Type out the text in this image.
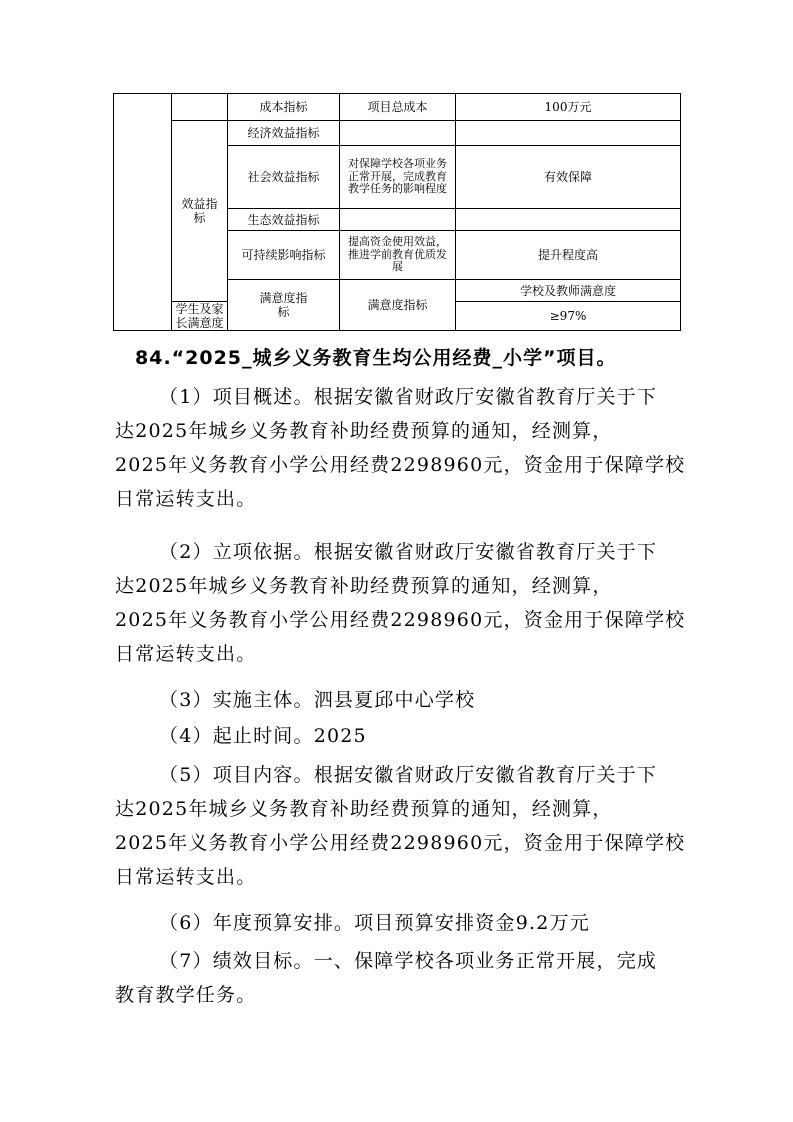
		成本指标	项目总成本	100万元	
	效益指标	经济效益指标			
		社会效益指标	对保障学校各项业务正常开展，完成教育教学任务的影响程度	有效保障	
		生态效益指标			
		可持续影响指标	提高资金使用效益，推进学前教育优质发展	提升程度高	
		满意度指标	满意度指标	学校及教师满意度	
	学生及家长满意度			≥97%	
84.“2025_城乡义务教育生均公用经费_小学”项目。
（1）项目概述。根据安徽省财政厅安徽省教育厅关于下
达2025年城乡义务教育补助经费预算的通知，经测算，
2025年义务教育小学公用经费2298960元，资金用于保障学校
日常运转支出。
（2）立项依据。根据安徽省财政厅安徽省教育厅关于下
达2025年城乡义务教育补助经费预算的通知，经测算，
2025年义务教育小学公用经费2298960元，资金用于保障学校
日常运转支出。
（3）实施主体。泗县夏邱中心学校
（4）起止时间。2025
（5）项目内容。根据安徽省财政厅安徽省教育厅关于下
达2025年城乡义务教育补助经费预算的通知，经测算，
2025年义务教育小学公用经费2298960元，资金用于保障学校
日常运转支出。
（6）年度预算安排。项目预算安排资金9.2万元
（7）绩效目标。一、保障学校各项业务正常开展，完成
教育教学任务。
